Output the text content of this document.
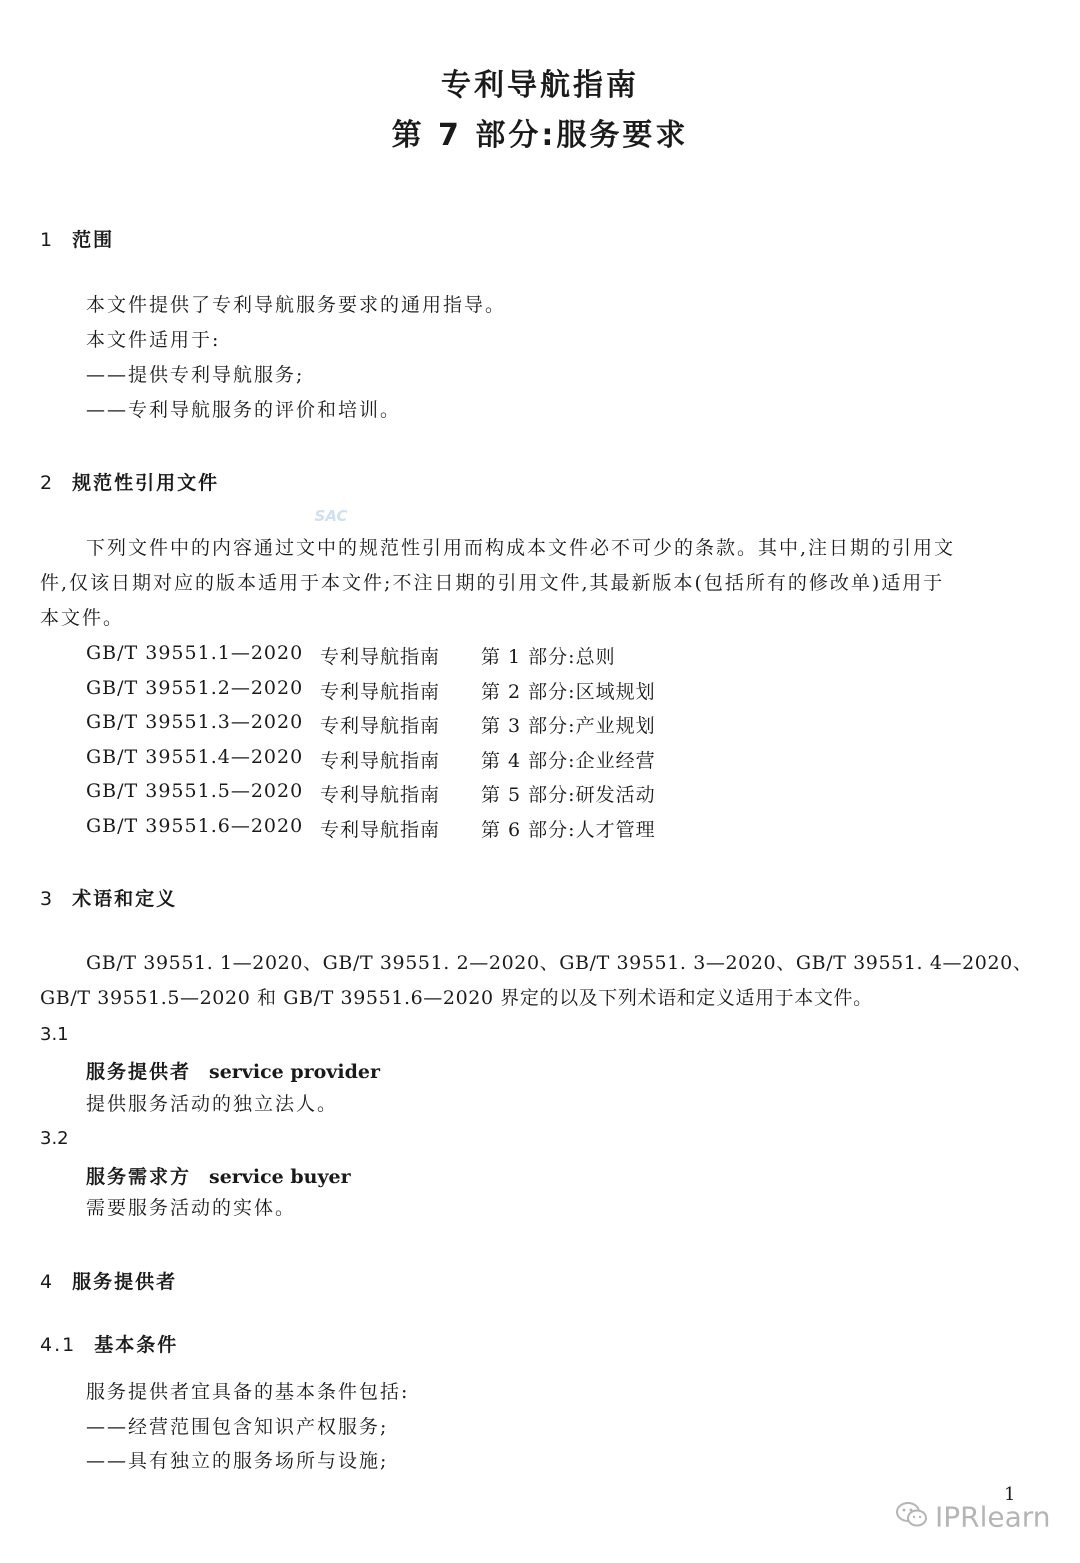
专利导航指南
第 7 部分:服务要求
1 范围
本文件提供了专利导航服务要求的通用指导。
本文件适用于:
——提供专利导航服务;
——专利导航服务的评价和培训。
2 规范性引用文件
SAC
下列文件中的内容通过文中的规范性引用而构成本文件必不可少的条款。其中,注日期的引用文
件,仅该日期对应的版本适用于本文件;不注日期的引用文件,其最新版本(包括所有的修改单)适用于
本文件。
GB/T 39551.1—2020 专利导航指南 第 1 部分:总则
GB/T 39551.2—2020 专利导航指南 第 2 部分:区域规划
GB/T 39551.3—2020 专利导航指南 第 3 部分:产业规划
GB/T 39551.4—2020 专利导航指南 第 4 部分:企业经营
GB/T 39551.5—2020 专利导航指南 第 5 部分:研发活动
GB/T 39551.6—2020 专利导航指南 第 6 部分:人才管理
3 术语和定义
GB/T 39551. 1—2020、GB/T 39551. 2—2020、GB/T 39551. 3—2020、GB/T 39551. 4—2020、
GB/T 39551.5—2020 和 GB/T 39551.6—2020 界定的以及下列术语和定义适用于本文件。
3.1
服务提供者 service provider
提供服务活动的独立法人。
3.2
服务需求方 service buyer
需要服务活动的实体。
4 服务提供者
4.1 基本条件
服务提供者宜具备的基本条件包括:
——经营范围包含知识产权服务;
——具有独立的服务场所与设施;
1
IPRlearn
